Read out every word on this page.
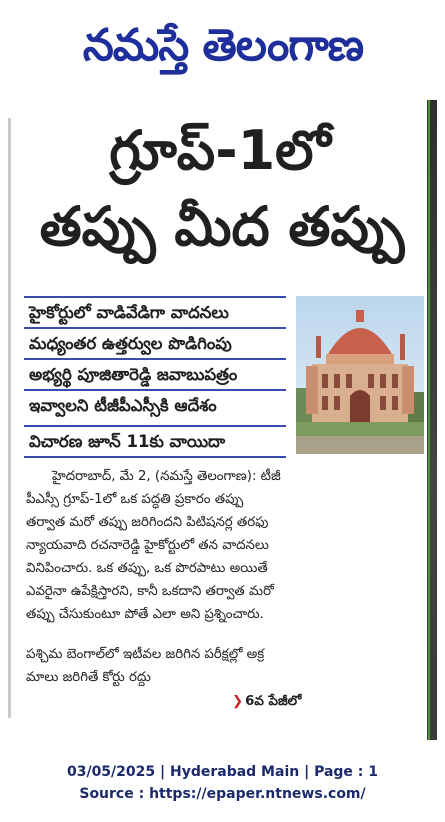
నమస్తే తెలంగాణ
గ్రూప్-1లో
తప్పు మీద తప్పు
హైకోర్టులో వాడివేడిగా వాదనలు
మధ్యంతర ఉత్తర్వుల పొడిగింపు
అభ్యర్థి పూజితారెడ్డి జవాబుపత్రం
ఇవ్వాలని టీజీపీఎస్సీకి ఆదేశం
విచారణ జూన్ 11కు వాయిదా
హైదరాబాద్, మే 2, (నమస్తే తెలంగాణ): టీజీ
పీఎస్సీ గ్రూప్-1లో ఒక పద్ధతి ప్రకారం తప్పు
తర్వాత మరో తప్పు జరిగిందని పిటిషనర్ల తరఫు
న్యాయవాది రచనారెడ్డి హైకోర్టులో తన వాదనలు
వినిపించారు. ఒక తప్పు, ఒక పొరపాటు అయితే
ఎవరైనా ఉపేక్షిస్తారని, కానీ ఒకదాని తర్వాత మరో
తప్పు చేసుకుంటూ పోతే ఎలా అని ప్రశ్నించారు.
పశ్చిమ బెంగాల్‌లో ఇటీవల జరిగిన పరీక్షల్లో అక్ర
మాలు జరిగితే కోర్టు రద్దు
❯ 6వ పేజీలో
03/05/2025 | Hyderabad Main | Page : 1
Source : https://epaper.ntnews.com/
